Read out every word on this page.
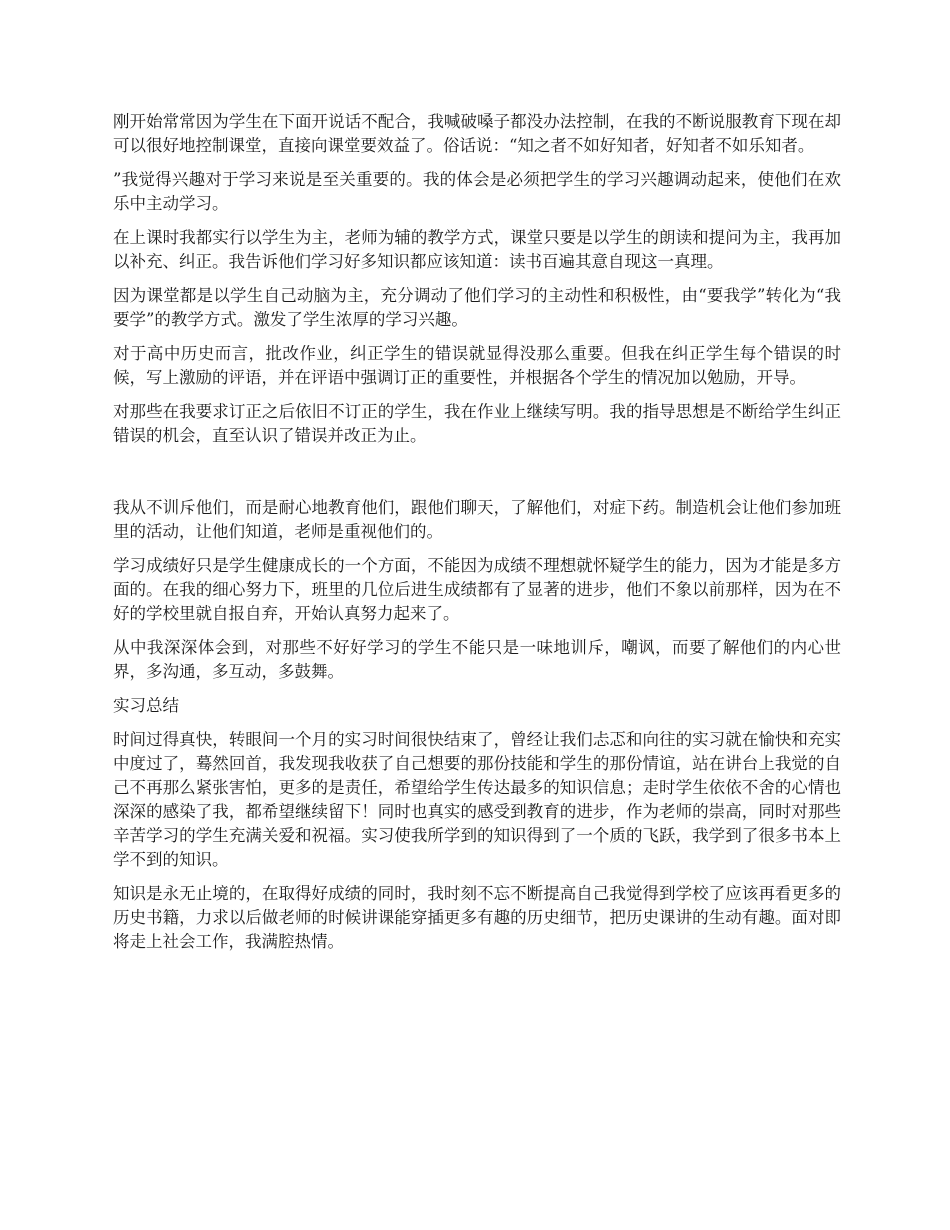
刚开始常常因为学生在下面开说话不配合，我喊破嗓子都没办法控制，在我的不断说服教育下现在却可以很好地控制课堂，直接向课堂要效益了。俗话说：“知之者不如好知者，好知者不如乐知者。

”我觉得兴趣对于学习来说是至关重要的。我的体会是必须把学生的学习兴趣调动起来，使他们在欢乐中主动学习。

在上课时我都实行以学生为主，老师为辅的教学方式，课堂只要是以学生的朗读和提问为主，我再加以补充、纠正。我告诉他们学习好多知识都应该知道：读书百遍其意自现这一真理。

因为课堂都是以学生自己动脑为主，充分调动了他们学习的主动性和积极性，由“要我学”转化为“我要学”的教学方式。激发了学生浓厚的学习兴趣。

对于高中历史而言，批改作业，纠正学生的错误就显得没那么重要。但我在纠正学生每个错误的时候，写上激励的评语，并在评语中强调订正的重要性，并根据各个学生的情况加以勉励，开导。

对那些在我要求订正之后依旧不订正的学生，我在作业上继续写明。我的指导思想是不断给学生纠正错误的机会，直至认识了错误并改正为止。

我从不训斥他们，而是耐心地教育他们，跟他们聊天，了解他们，对症下药。制造机会让他们参加班里的活动，让他们知道，老师是重视他们的。

学习成绩好只是学生健康成长的一个方面，不能因为成绩不理想就怀疑学生的能力，因为才能是多方面的。在我的细心努力下，班里的几位后进生成绩都有了显著的进步，他们不象以前那样，因为在不好的学校里就自报自弃，开始认真努力起来了。

从中我深深体会到，对那些不好好学习的学生不能只是一味地训斥，嘲讽，而要了解他们的内心世界，多沟通，多互动，多鼓舞。

实习总结

时间过得真快，转眼间一个月的实习时间很快结束了，曾经让我们忐忑和向往的实习就在愉快和充实中度过了，蓦然回首，我发现我收获了自己想要的那份技能和学生的那份情谊，站在讲台上我觉的自己不再那么紧张害怕，更多的是责任，希望给学生传达最多的知识信息；走时学生依依不舍的心情也深深的感染了我，都希望继续留下！同时也真实的感受到教育的进步，作为老师的崇高，同时对那些辛苦学习的学生充满关爱和祝福。实习使我所学到的知识得到了一个质的飞跃，我学到了很多书本上学不到的知识。

知识是永无止境的，在取得好成绩的同时，我时刻不忘不断提高自己我觉得到学校了应该再看更多的历史书籍，力求以后做老师的时候讲课能穿插更多有趣的历史细节，把历史课讲的生动有趣。面对即将走上社会工作，我满腔热情。
